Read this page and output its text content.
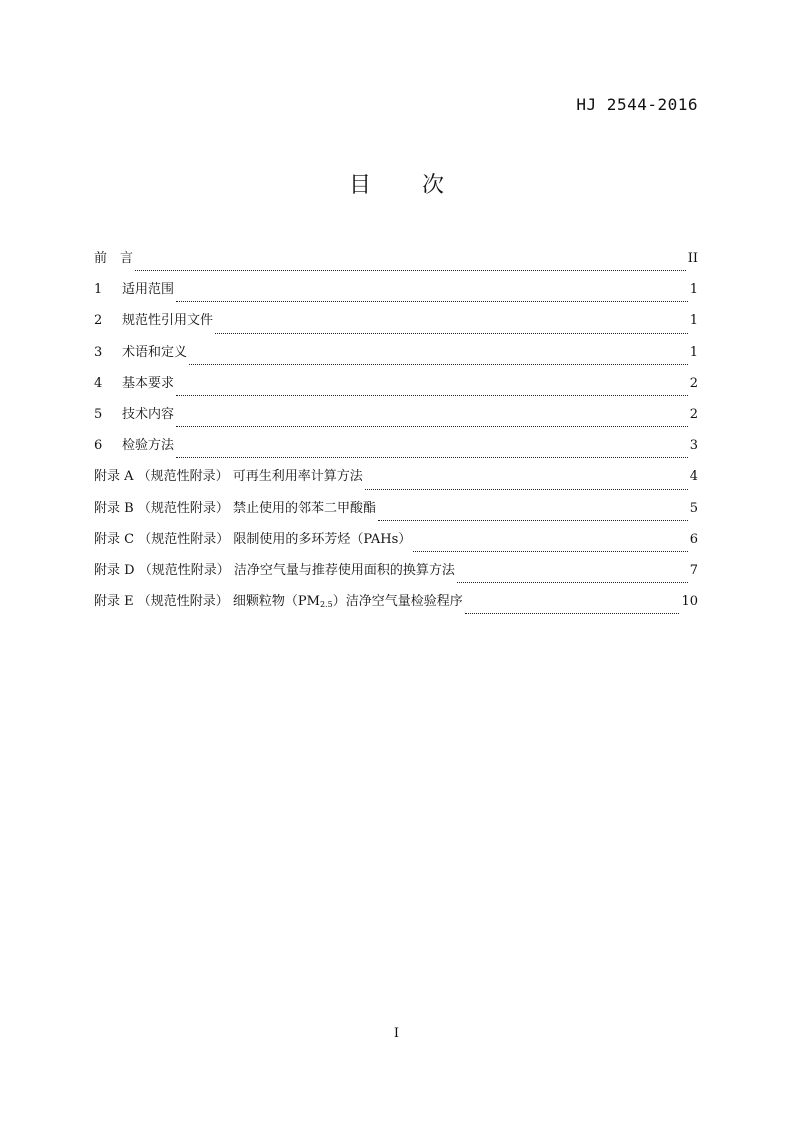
HJ 2544-2016
目 次
前　言	II
1	适用范围	1
2	规范性引用文件	1
3	术语和定义	1
4	基本要求	2
5	技术内容	2
6	检验方法	3
附录 A （规范性附录） 可再生利用率计算方法	4
附录 B （规范性附录） 禁止使用的邻苯二甲酸酯	5
附录 C （规范性附录） 限制使用的多环芳烃（PAHs）	6
附录 D （规范性附录） 洁净空气量与推荐使用面积的换算方法	7
附录 E （规范性附录） 细颗粒物$(PM_{2.5})$洁净空气量检验程序	10
I
